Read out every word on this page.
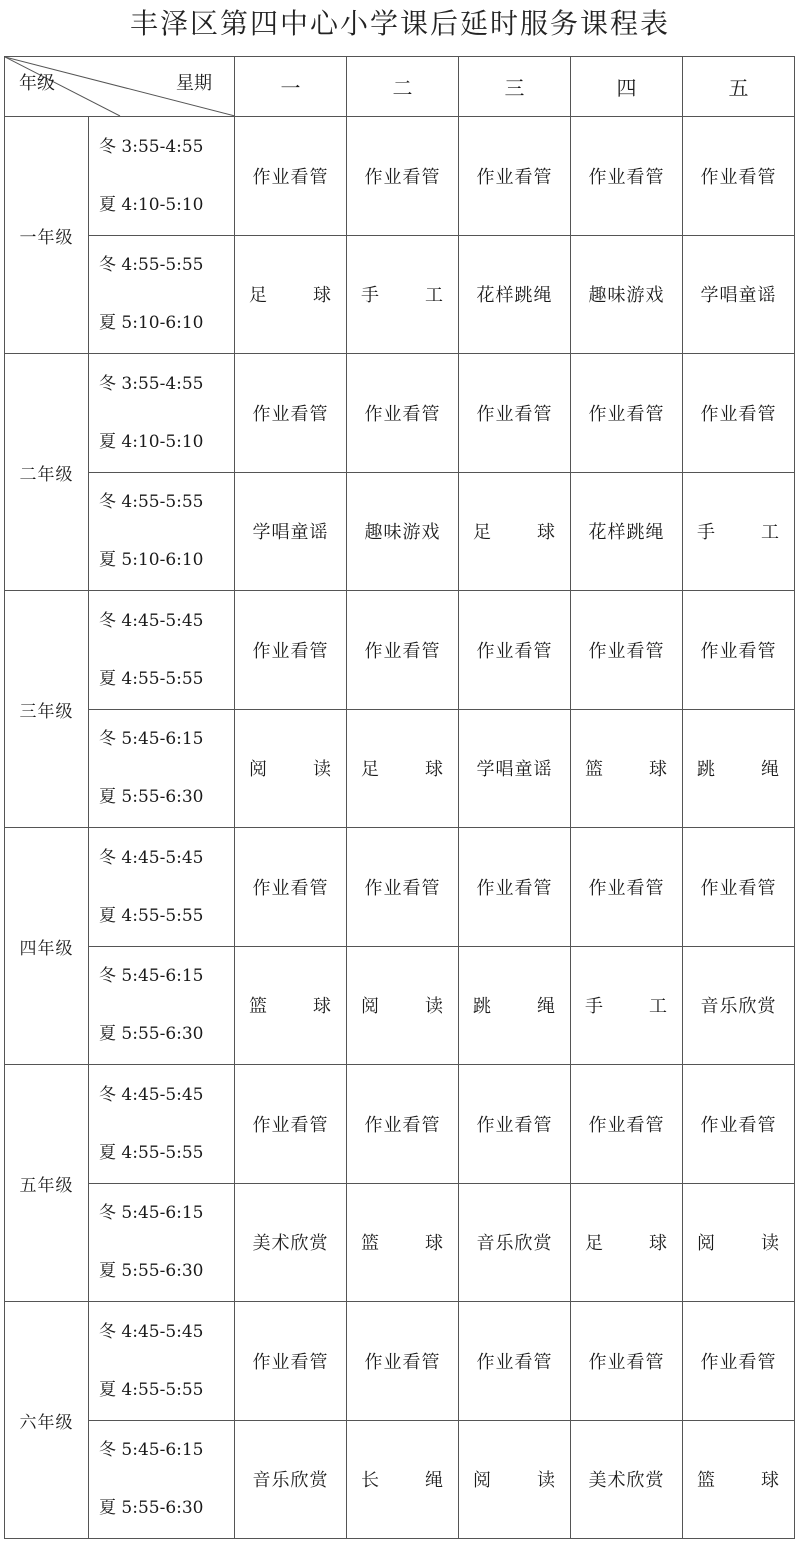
丰泽区第四中心小学课后延时服务课程表
年级 星期		一	二	三	四	五
一年级	冬 3:55-4:55
夏 4:10-5:10	作业看管	作业看管	作业看管	作业看管	作业看管

	冬 4:55-5:55
夏 5:10-6:10	足球	手工	花样跳绳	趣味游戏	学唱童谣
二年级	冬 3:55-4:55
夏 4:10-5:10	作业看管	作业看管	作业看管	作业看管	作业看管

	冬 4:55-5:55
夏 5:10-6:10	学唱童谣	趣味游戏	足球	花样跳绳	手工

三年级	冬 4:45-5:45
夏 4:55-5:55	作业看管	作业看管	作业看管	作业看管	作业看管

	冬 5:45-6:15
夏 5:55-6:30	阅读	足球	学唱童谣	篮球	跳绳

四年级	冬 4:45-5:45
夏 4:55-5:55	作业看管	作业看管	作业看管	作业看管	作业看管

	冬 5:45-6:15
夏 5:55-6:30	篮球	阅读	跳绳	手工	音乐欣赏
五年级	冬 4:45-5:45
夏 4:55-5:55	作业看管	作业看管	作业看管	作业看管	作业看管

	冬 5:45-6:15
夏 5:55-6:30	美术欣赏	篮球	音乐欣赏	足球	阅读

六年级	冬 4:45-5:45
夏 4:55-5:55	作业看管	作业看管	作业看管	作业看管	作业看管

	冬 5:45-6:15
夏 5:55-6:30	音乐欣赏	长绳	阅读	美术欣赏	篮球
